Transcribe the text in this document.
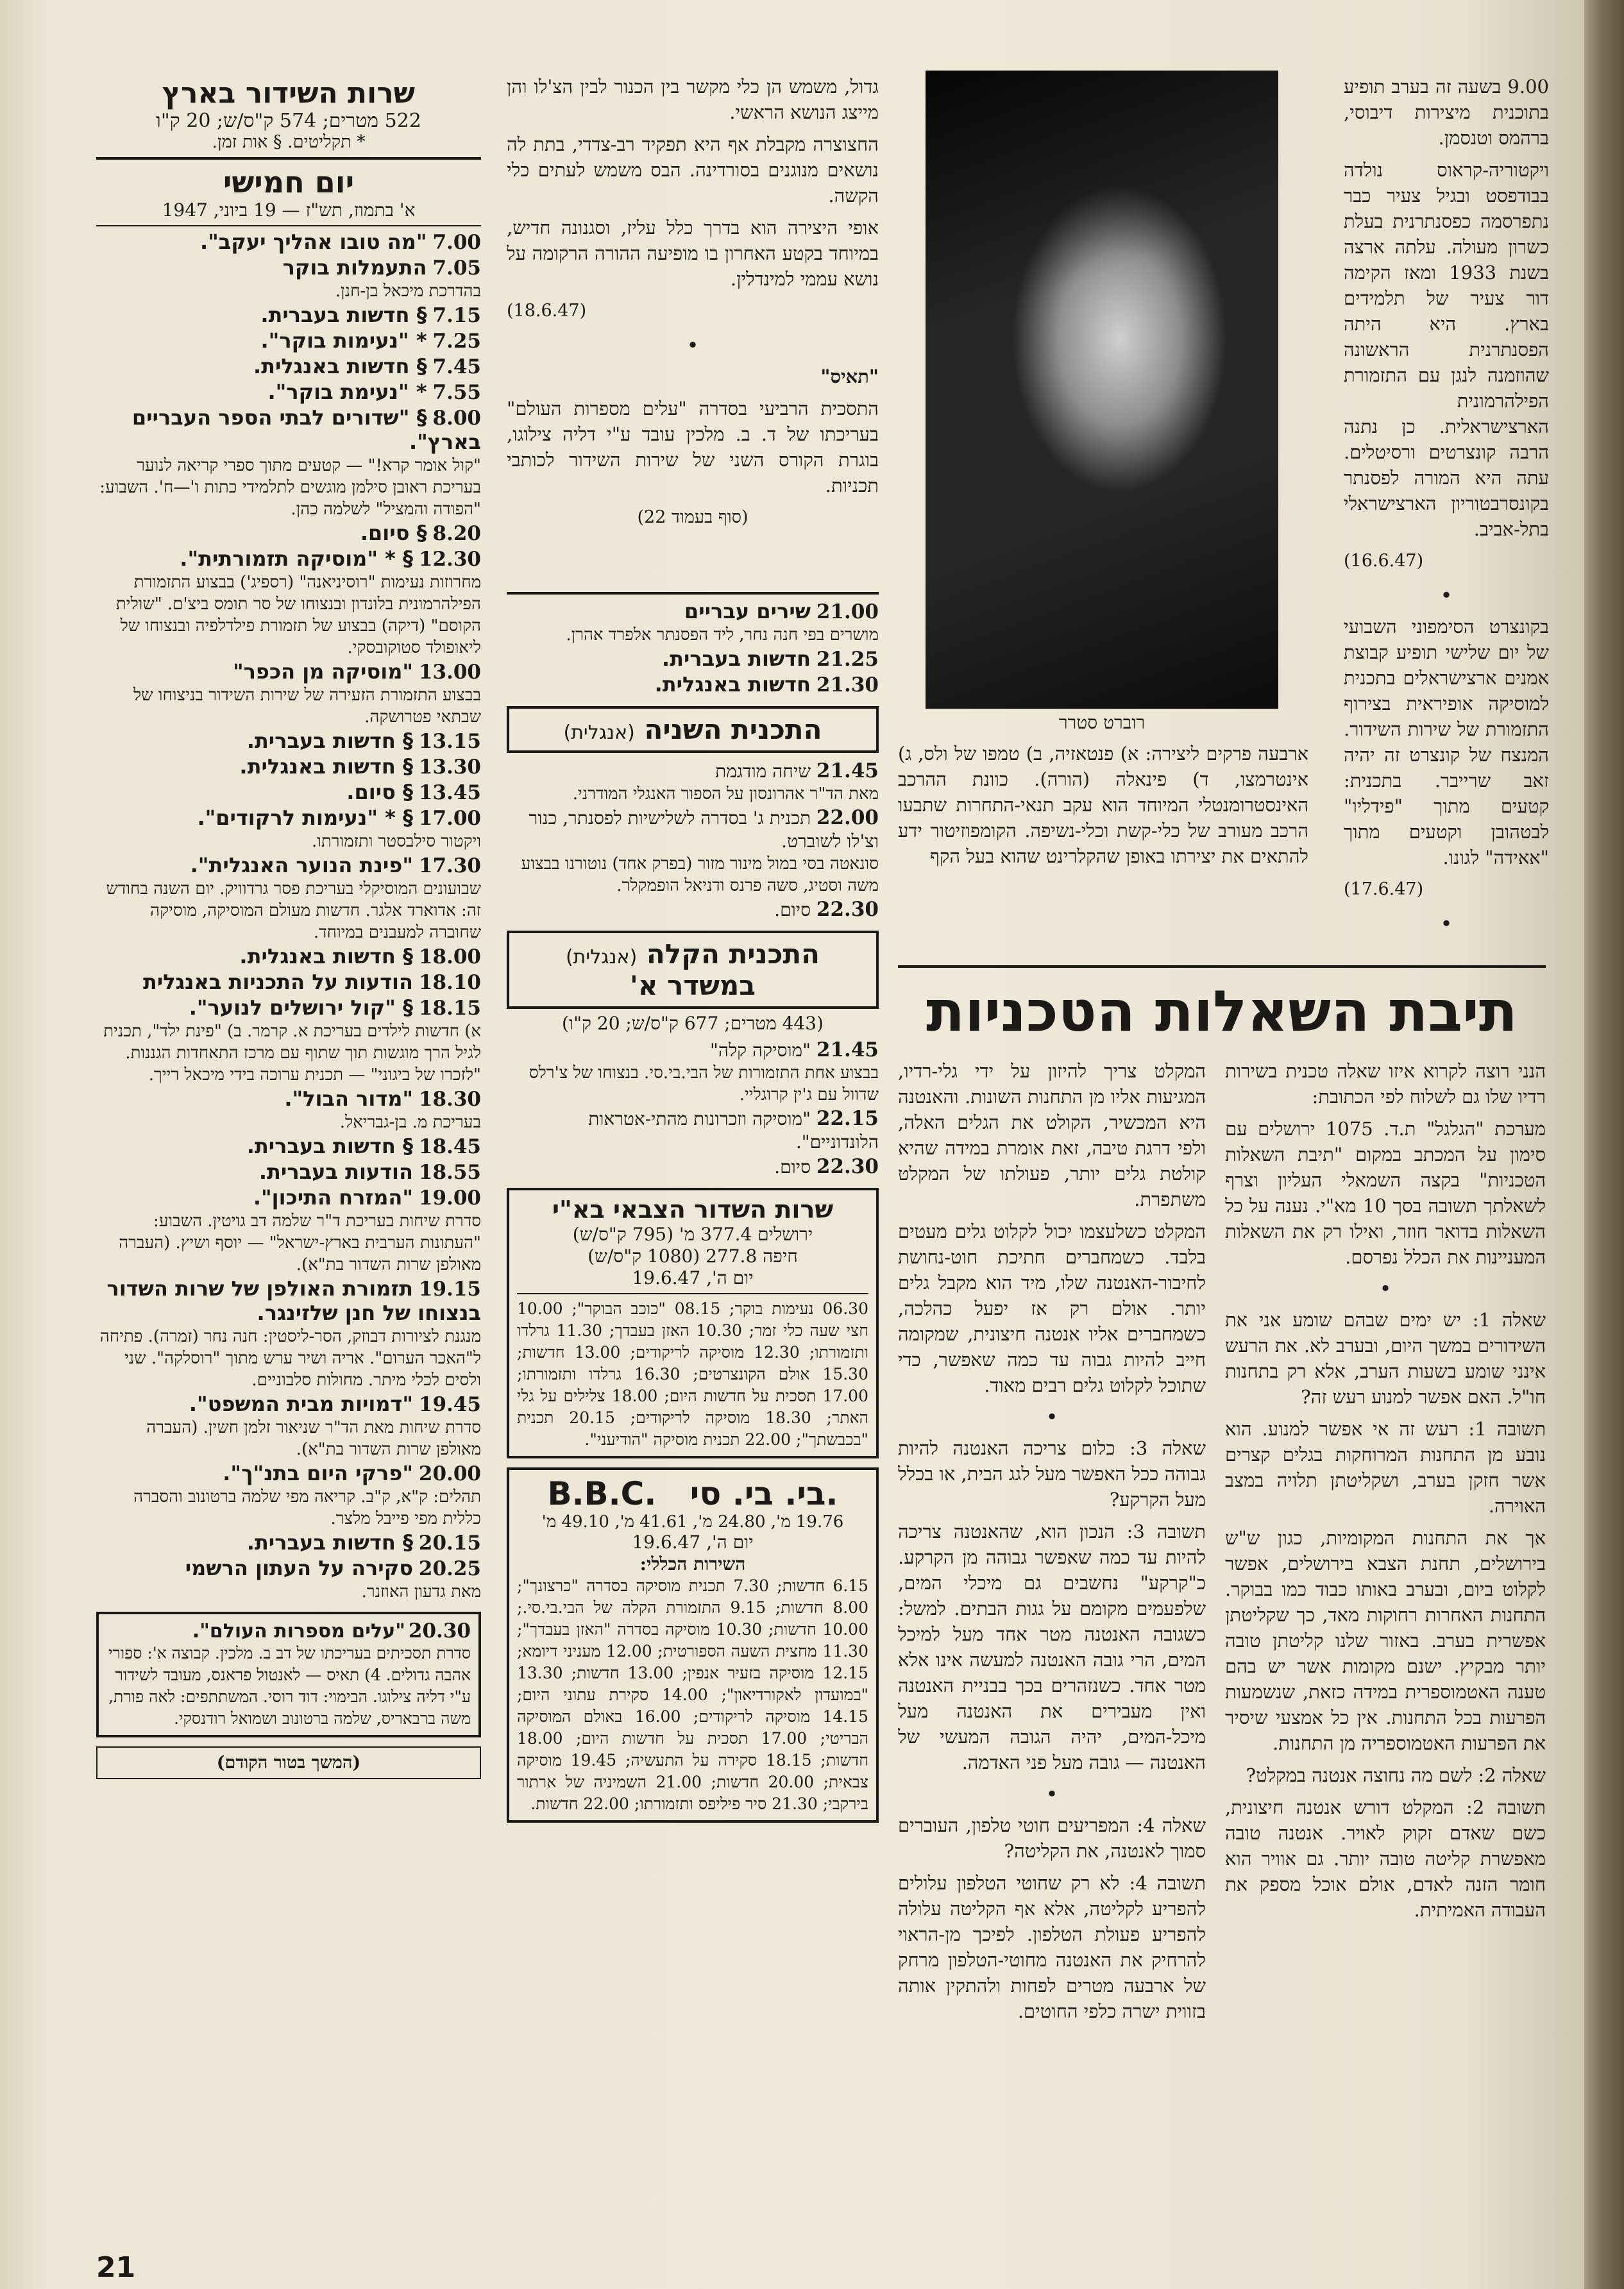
9.00 בשעה זה בערב תופיע בתוכנית מיצירות דיבוסי, ברהמס וטנסמן.

ויקטוריה-קראוס נולדה בבודפסט ובגיל צעיר כבר נתפרסמה כפסנתרנית בעלת כשרון מעולה. עלתה ארצה בשנת 1933 ומאז הקימה דור צעיר של תלמידים בארץ. היא היתה הפסנתרנית הראשונה שהוזמנה לנגן עם התזמורת הפילהרמונית הארצישראלית. כן נתנה הרבה קונצרטים ורסיטלים. עתה היא המורה לפסנתר בקונסרבטוריון הארצישראלי בתל-אביב.

(16.6.47)

•

בקונצרט הסימפוני השבועי של יום שלישי תופיע קבוצת אמנים ארצישראלים בתכנית למוסיקה אופיראית בצירוף התזמורת של שירות השידור. המנצח של קונצרט זה יהיה זאב שרייבר. בתכנית: קטעים מתוך "פידליו" לבטהובן וקטעים מתוך "אאידה" לגונו.

(17.6.47)

•

רוברט סטרר

ארבעה פרקים ליצירה: א) פנטאזיה, ב) טמפו של ולס, ג) אינטרמצו, ד) פינאלה (הורה). כוונת ההרכב האינסטרומנטלי המיוחד הוא עקב תנאי-התחרות שתבעו הרכב מעורב של כלי-קשת וכלי-נשיפה. הקומפוזיטור ידע להתאים את יצירתו באופן שהקלרינט שהוא בעל הקף

גדול, משמש הן כלי מקשר בין הכנור לבין הצ'לו והן מייצג הנושא הראשי.

החצוצרה מקבלת אף היא תפקיד רב-צדדי, בתת לה נושאים מנוגנים בסורדינה. הבס משמש לעתים כלי הקשה.

אופי היצירה הוא בדרך כלל עליז, וסגנונה חדיש, במיוחד בקטע האחרון בו מופיעה ההורה הרקומה על נושא עממי למינדלין.

(18.6.47)

•

"תאיס"

התסכית הרביעי בסדרה "עלים מספרות העולם" בעריכתו של ד. ב. מלכין עובד ע"י דליה צילוגו, בוגרת הקורס השני של שירות השידור לכותבי תכניות.

(סוף בעמוד 22)

21.00 שירים עבריים
מושרים בפי חנה נחר, ליד הפסנתר אלפרד אהרן.
21.25 חדשות בעברית.
21.30 חדשות באנגלית.
התכנית השניה (אנגלית)
21.45 שיחה מודגמת
מאת הד"ר אהרונסון על הספור האנגלי המודרני.
22.00 תכנית ג' בסדרה לשלישיות לפסנתר, כנור וצ'לו לשוברט.
סונאטה בסי במול מינור מזור (בפרק אחד) נוטורנו בבצוע משה וסטיג, סשה פרנס ודניאל הופמקלר.
22.30 סיום.
התכנית הקלה (אנגלית)
במשדר א'
(443 מטרים; 677 ק"ס/ש; 20 ק"ו)
21.45 "מוסיקה קלה"
בבצוע אחת התזמורות של הבי.בי.סי. בנצוחו של צ'רלס שדוול עם ג'ין קרוגליי.
22.15 "מוסיקה וזכרונות מהתי-אטראות הלונדוניים".
22.30 סיום.
שרות השדור הצבאי בא"י
ירושלים 377.4 מ' (795 ק"ס/ש)
חיפה 277.8 (1080 ק"ס/ש)
יום ה', 19.6.47
06.30 נעימות בוקר; 08.15 "כוכב הבוקר"; 10.00 חצי שעה כלי זמר; 10.30 האזן בעבדך; 11.30 גרלדו ותזמורתו; 12.30 מוסיקה לריקודים; 13.00 חדשות; 15.30 אולם הקונצרטים; 16.30 גרלדו ותזמורתו; 17.00 תסכית על חדשות היום; 18.00 צלילים על גלי האתר; 18.30 מוסיקה לריקודים; 20.15 תכנית "בכבשתך"; 22.00 תכנית מוסיקה "הודיעני".
B.B.C. בי. בי. סי.
19.76 מ', 24.80 מ', 41.61 מ', 49.10 מ'
יום ה', 19.6.47
השירות הכללי:
6.15 חדשות; 7.30 תכנית מוסיקה בסדרה "כרצונך"; 8.00 חדשות; 9.15 התזמורת הקלה של הבי.בי.סי.; 10.00 חדשות; 10.30 מוסיקה בסדרה "האזן בעבדך"; 11.30 מחצית השעה הספורטית; 12.00 מעניני דיומא; 12.15 מוסיקה בזעיר אנפין; 13.00 חדשות; 13.30 "במועדון לאקורדיאון"; 14.00 סקירת עתוני היום; 14.15 מוסיקה לריקודים; 16.00 באולם המוסיקה הבריטי; 17.00 תסכית על חדשות היום; 18.00 חדשות; 18.15 סקירה על התעשיה; 19.45 מוסיקה צבאית; 20.00 חדשות; 21.00 השמיניה של ארתור בירקבי; 21.30 סיר פיליפס ותזמורתו; 22.00 חדשות.
שרות השידור בארץ
522 מטרים; 574 ק"ס/ש; 20 ק"ו
* תקליטים. § אות זמן.
יום חמישי
א' בתמוז, תש"ז — 19 ביוני, 1947
7.00 "מה טובו אהליך יעקב".
7.05 התעמלות בוקר
בהדרכת מיכאל בן-חנן.
7.15 § חדשות בעברית.
7.25 * "נעימות בוקר".
7.45 § חדשות באנגלית.
7.55 * "נעימת בוקר".
8.00 § "שדורים לבתי הספר העבריים בארץ".
"קול אומר קרא!" — קטעים מתוך ספרי קריאה לנוער בעריכת ראובן סילמן מוגשים לתלמידי כתות ו'—ח'. השבוע: "הפודה והמציל" לשלמה כהן.
8.20 § סיום.
12.30 § * "מוסיקה תזמורתית".
מחרוזות נעימות "רוסיניאנה" (רספיג') בבצוע התזמורת הפילהרמונית בלונדון ובנצוחו של סר תומס ביצ'ם. "שולית הקוסם" (דיקה) בבצוע של תזמורת פילדלפיה ובנצוחו של ליאופולד סטוקובסקי.
13.00 "מוסיקה מן הכפר"
בבצוע התזמורת הזעירה של שירות השידור בניצוחו של שבתאי פטרושקה.
13.15 § חדשות בעברית.
13.30 § חדשות באנגלית.
13.45 § סיום.
17.00 § * "נעימות לרקודים".
ויקטור סילבסטר ותזמורתו.
17.30 "פינת הנוער האנגלית".
שבועונים המוסיקלי בעריכת פסר גרדוויק. יום השנה בחודש זה: אדוארד אלגר. חדשות מעולם המוסיקה, מוסיקה שחוברה למעבנים במיוחד.
18.00 § חדשות באנגלית.
18.10 הודעות על התכניות באנגלית
18.15 § "קול ירושלים לנוער".
א) חדשות לילדים בעריכת א. קרמר. ב) "פינת ילד", תכנית לגיל הרך מוגשות תוך שתוף עם מרכז התאחדות הגננות. "לזכרו של ביגוני" — תכנית ערוכה בידי מיכאל רייך.
18.30 "מדור הבול".
בעריכת מ. בן-גבריאל.
18.45 § חדשות בעברית.
18.55 הודעות בעברית.
19.00 "המזרח התיכון".
סדרת שיחות בעריכת ד"ר שלמה דב גויטין. השבוע: "העתונות הערבית בארץ-ישראל" — יוסף ושיץ. (העברה מאולפן שרות השדור בת"א).
19.15 תזמורת האולפן של שרות השדור בנצוחו של חנן שלזינגר.
מנגנת לציורות דבוזק, הסר-ליסטין: חנה נחר (זמרה). פתיחה ל"האכר הערום". אריה ושיר ערש מתוך "רוסלקה". שני ולסים לכלי מיתר. מחולות סלבוניים.
19.45 "דמויות מבית המשפט".
סדרת שיחות מאת הד"ר שניאור זלמן חשין. (העברה מאולפן שרות השדור בת"א).
20.00 "פרקי היום בתנ"ך".
תהלים: ק"א, ק"ב. קריאה מפי שלמה ברטונוב והסברה כללית מפי פייבל מלצר.
20.15 § חדשות בעברית.
20.25 סקירה על העתון הרשמי
מאת גדעון האוזנר.
20.30 "עלים מספרות העולם".
סדרת תסכיתים בעריכתו של דב ב. מלכין. קבוצה א': ספורי אהבה גדולים. 4) תאיס — לאנטול פראנס, מעובד לשידור ע"י דליה צילוגו. הבימוי: דוד רוסי. המשתתפים: לאה פורת, משה ברבאריס, שלמה ברטונוב ושמואל רודנסקי.
(המשך בטור הקודם)
תיבת השאלות הטכניות

הנני רוצה לקרוא איזו שאלה טכנית בשירות רדיו שלו גם לשלוח לפי הכתובת:

מערכת "הגלגל" ת.ד. 1075 ירושלים עם סימון על המכתב במקום "תיבת השאלות הטכניות" בקצה השמאלי העליון וצרף לשאלתך תשובה בסך 10 מא"י. נענה על כל השאלות בדואר חוזר, ואילו רק את השאלות המעניינות את הכלל נפרסם.

•

שאלה 1: יש ימים שבהם שומע אני את השידורים במשך היום, ובערב לא. את הרעש אינני שומע בשעות הערב, אלא רק בתחנות חו"ל. האם אפשר למנוע רעש זה?

תשובה 1: רעש זה אי אפשר למנוע. הוא נובע מן התחנות המרוחקות בגלים קצרים אשר חזקן בערב, ושקליטתן תלויה במצב האוירה.

אך את התחנות המקומיות, כגון ש"ש בירושלים, תחנת הצבא בירושלים, אפשר לקלוט ביום, ובערב באותו כבוד כמו בבוקר. התחנות האחרות רחוקות מאד, כך שקליטתן אפשרית בערב. באזור שלנו קליטתן טובה יותר מבקיץ. ישנם מקומות אשר יש בהם טענה האטמוספרית במידה כזאת, שנשמעות הפרעות בכל התחנות. אין כל אמצעי שיסיר את הפרעות האטמוספריה מן התחנות.

שאלה 2: לשם מה נחוצה אנטנה במקלט?

תשובה 2: המקלט דורש אנטנה חיצונית, כשם שאדם זקוק לאויר. אנטנה טובה מאפשרת קליטה טובה יותר. גם אוויר הוא חומר הזנה לאדם, אולם אוכל מספק את העבודה האמיתית.

המקלט צריך להיזון על ידי גלי-רדיו, המגיעות אליו מן התחנות השונות. והאנטנה היא המכשיר, הקולט את הגלים האלה, ולפי דרגת טיבה, זאת אומרת במידה שהיא קולטת גלים יותר, פעולתו של המקלט משתפרת.

המקלט כשלעצמו יכול לקלוט גלים מעטים בלבד. כשמחברים חתיכת חוט-נחושת לחיבור-האנטנה שלו, מיד הוא מקבל גלים יותר. אולם רק אז יפעל כהלכה, כשמחברים אליו אנטנה חיצונית, שמקומה חייב להיות גבוה עד כמה שאפשר, כדי שתוכל לקלוט גלים רבים מאוד.

•

שאלה 3: כלום צריכה האנטנה להיות גבוהה ככל האפשר מעל לגג הבית, או בכלל מעל הקרקע?

תשובה 3: הנכון הוא, שהאנטנה צריכה להיות עד כמה שאפשר גבוהה מן הקרקע. כ"קרקע" נחשבים גם מיכלי המים, שלפעמים מקומם על גגות הבתים. למשל: כשגובה האנטנה מטר אחד מעל למיכל המים, הרי גובה האנטנה למעשה אינו אלא מטר אחד. כשנזהרים בכך בבניית האנטנה ואין מעבירים את האנטנה מעל מיכל-המים, יהיה הגובה המעשי של האנטנה — גובה מעל פני האדמה.

•

שאלה 4: המפריעים חוטי טלפון, העוברים סמוך לאנטנה, את הקליטה?

תשובה 4: לא רק שחוטי הטלפון עלולים להפריע לקליטה, אלא אף הקליטה עלולה להפריע פעולת הטלפון. לפיכך מן-הראוי להרחיק את האנטנה מחוטי-הטלפון מרחק של ארבעה מטרים לפחות ולהתקין אותה בזווית ישרה כלפי החוטים.

21
